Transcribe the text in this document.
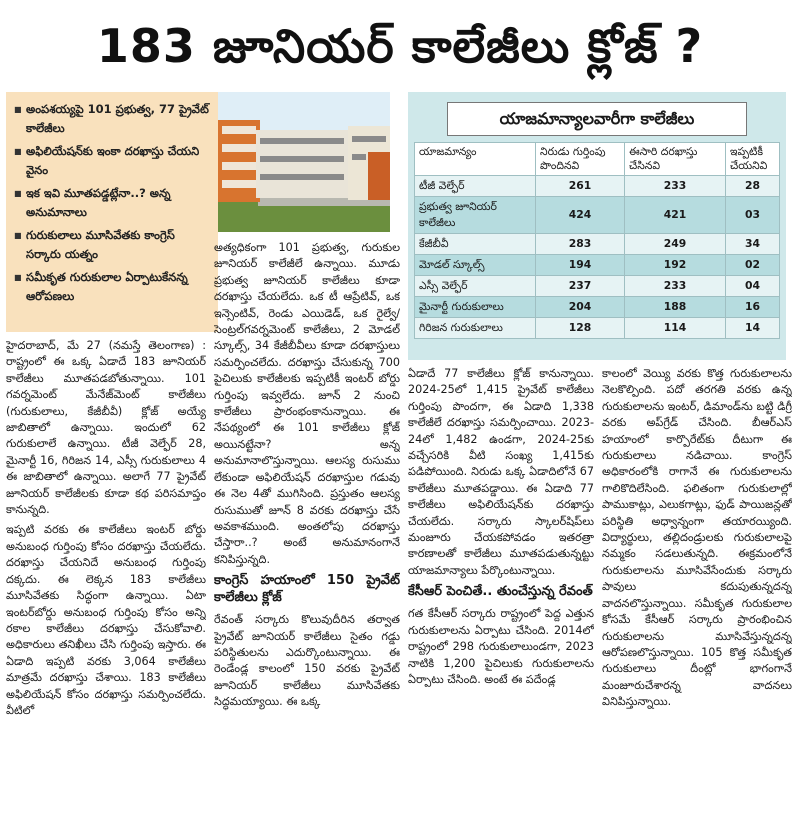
183 జూనియర్ కాలేజీలు క్లోజ్ ?
■ అంపశయ్యపై 101 ప్రభుత్వ, 77 ప్రైవేట్ కాలేజీలు
■ అఫిలియేషన్‌కు ఇంకా దరఖాస్తు చేయని వైనం
■ ఇక ఇవి మూతపడ్డట్లేనా..? అన్న అనుమానాలు
■ గురుకులాలు మూసివేతకు కాంగ్రెస్ సర్కారు యత్నం
■ సమీకృత గురుకులాల ఏర్పాటుకేనన్న ఆరోపణలు
యాజమాన్యాలవారీగా కాలేజీలు
యాజమాన్యం	నిరుడు గుర్తింపు పొందినవి	ఈసారి దరఖాస్తు చేసినవి	ఇప్పటికీ చేయనివి
టీజీ వెల్ఫేర్	261	233	28
ప్రభుత్వ జూనియర్ కాలేజీలు	424	421	03
కేజీబీవీ	283	249	34
మోడల్ స్కూల్స్	194	192	02
ఎస్సీ వెల్ఫేర్	237	233	04
మైనార్టీ గురుకులాలు	204	188	16
గిరిజన గురుకులాలు	128	114	14

హైదరాబాద్, మే 27 (నమస్తే తెలంగాణ) : రాష్ట్రంలో ఈ ఒక్క ఏడాదే 183 జూనియర్ కాలేజీలు మూతపడబోతున్నాయి. 101 గవర్నమెంట్ మేనేజ్‌మెంట్ కాలేజీలు (గురుకులాలు, కేజీబీవీ) క్లోజ్ అయ్యే జాబితాలో ఉన్నాయి. ఇందులో 62 గురుకులాలే ఉన్నాయి. టీజీ వెల్ఫేర్ 28, మైనార్టీ 16, గిరిజన 14, ఎస్సీ గురుకులాలు 4 ఈ జాబితాలో ఉన్నాయి. అలాగే 77 ప్రైవేట్ జూనియర్ కాలేజీలకు కూడా కథ పరిసమాప్తం కానున్నది.

ఇప్పటి వరకు ఈ కాలేజీలు ఇంటర్ బోర్డు అనుబంధ గుర్తింపు కోసం దరఖాస్తు చేయలేదు. దరఖాస్తు చేయనిదే అనుబంధ గుర్తింపు దక్కదు. ఈ లెక్కన 183 కాలేజీలు మూసివేతకు సిద్ధంగా ఉన్నాయి. ఏటా ఇంటర్‌బోర్డు అనుబంధ గుర్తింపు కోసం అన్ని రకాల కాలేజీలు దరఖాస్తు చేసుకోవాలి. అధికారులు తనిఖీలు చేసి గుర్తింపు ఇస్తారు. ఈ ఏడాది ఇప్పటి వరకు 3,064 కాలేజీలు మాత్రమే దరఖాస్తు చేశాయి. 183 కాలేజీలు అఫిలియేషన్ కోసం దరఖాస్తు సమర్పించలేదు. వీటిలో

అత్యధికంగా 101 ప్రభుత్వ, గురుకుల జూనియర్ కాలేజీలే ఉన్నాయి. మూడు ప్రభుత్వ జూనియర్ కాలేజీలు కూడా దరఖాస్తు చేయలేదు. ఒక టీ ఆప్రేటివ్, ఒక ఇన్సెంటివ్, రెండు ఎయిడెడ్, ఒక రైల్వే/సెంట్రల్‌గవర్నమెంట్ కాలేజీలు, 2 మోడల్ స్కూల్స్, 34 కేజీబీవీలు కూడా దరఖాస్తులు సమర్పించలేదు. దరఖాస్తు చేసుకున్న 700 పైచిలుకు కాలేజీలకు ఇప్పటికీ ఇంటర్ బోర్డు గుర్తింపు ఇవ్వలేదు. జూన్ 2 నుంచి కాలేజీలు ప్రారంభంకానున్నాయి. ఈ నేపథ్యంలో ఈ 101 కాలేజీలు క్లోజ్ అయినట్టేనా? అన్న అనుమానాలొస్తున్నాయి. ఆలస్య రుసుము లేకుండా అఫిలియేషన్ దరఖాస్తుల గడువు ఈ నెల 4తో ముగిసింది. ప్రస్తుతం ఆలస్య రుసుముతో జూన్ 8 వరకు దరఖాస్తు చేసే అవకాశముంది. అంతలోపు దరఖాస్తు చేస్తారా..? అంటే అనుమానంగానే కనిపిస్తున్నది.

కాంగ్రెస్ హయాంలో 150 ప్రైవేట్ కాలేజీలు క్లోజ్

రేవంత్ సర్కారు కొలువుదీరిన తర్వాత ప్రైవేట్ జూనియర్ కాలేజీలు సైతం గడ్డు పరిస్థితులను ఎదుర్కొంటున్నాయి. ఈ రెండేండ్ల కాలంలో 150 వరకు ప్రైవేట్ జూనియర్ కాలేజీలు మూసివేతకు సిద్ధమయ్యాయి. ఈ ఒక్క

ఏడాదే 77 కాలేజీలు క్లోజ్ కానున్నాయి. 2024-25లో 1,415 ప్రైవేట్ కాలేజీలు గుర్తింపు పొందగా, ఈ ఏడాది 1,338 కాలేజీలే దరఖాస్తు సమర్పించాయి. 2023-24లో 1,482 ఉండగా, 2024-25కు వచ్చేసరికి వీటి సంఖ్య 1,415కు పడిపోయింది. నిరుడు ఒక్క ఏడాదిలోనే 67 కాలేజీలు మూతపడ్డాయి. ఈ ఏడాది 77 కాలేజీలు అఫిలియేషన్‌కు దరఖాస్తు చేయలేదు. సర్కారు స్కాలర్‌షిప్‌లు మంజూరు చేయకపోవడం ఇతరత్రా కారణాలతో కాలేజీలు మూతపడుతున్నట్టు యాజమాన్యాలు పేర్కొంటున్నాయి.

కేసీఆర్ పెంచితే.. తుంచేస్తున్న రేవంత్

గత కేసీఆర్ సర్కారు రాష్ట్రంలో పెద్ద ఎత్తున గురుకులాలను ఏర్పాటు చేసింది. 2014లో రాష్ట్రంలో 298 గురుకులాలుండగా, 2023 నాటికి 1,200 పైచిలుకు గురుకులాలను ఏర్పాటు చేసింది. అంటే ఈ పదేండ్ల

కాలంలో వెయ్యి వరకు కొత్త గురుకులాలను నెలకొల్పింది. పదో తరగతి వరకు ఉన్న గురుకులాలను ఇంటర్, డిమాండ్‌ను బట్టి డిగ్రీ వరకు అప్‌గ్రేడ్ చేసింది. బీఆర్‌ఎస్ హయాంలో కార్పొరేట్‌కు దీటుగా ఈ గురుకులాలు నడిచాయి. కాంగ్రెస్ అధికారంలోకి రాగానే ఈ గురుకులాలను గాలికొదిలేసింది. ఫలితంగా గురుకులాల్లో పాముకాట్లు, ఎలుకగాట్లు, ఫుడ్ పాయిజన్లతో పరిస్థితి అధ్వాన్నంగా తయారయ్యింది. విద్యార్థులు, తల్లిదండ్రులకు గురుకులాలపై నమ్మకం సడలుతున్నది. ఈక్రమంలోనే గురుకులాలను మూసివేసేందుకు సర్కారు పావులు కదుపుతున్నదన్న వాదనలొస్తున్నాయి. సమీకృత గురుకులాల కోసమే కేసీఆర్ సర్కారు ప్రారంభించిన గురుకులాలను మూసివేస్తున్నదన్న ఆరోపణలొస్తున్నాయి. 105 కొత్త సమీకృత గురుకులాలు దీంట్లో భాగంగానే మంజూరుచేశారన్న వాదనలు వినిపిస్తున్నాయి.
